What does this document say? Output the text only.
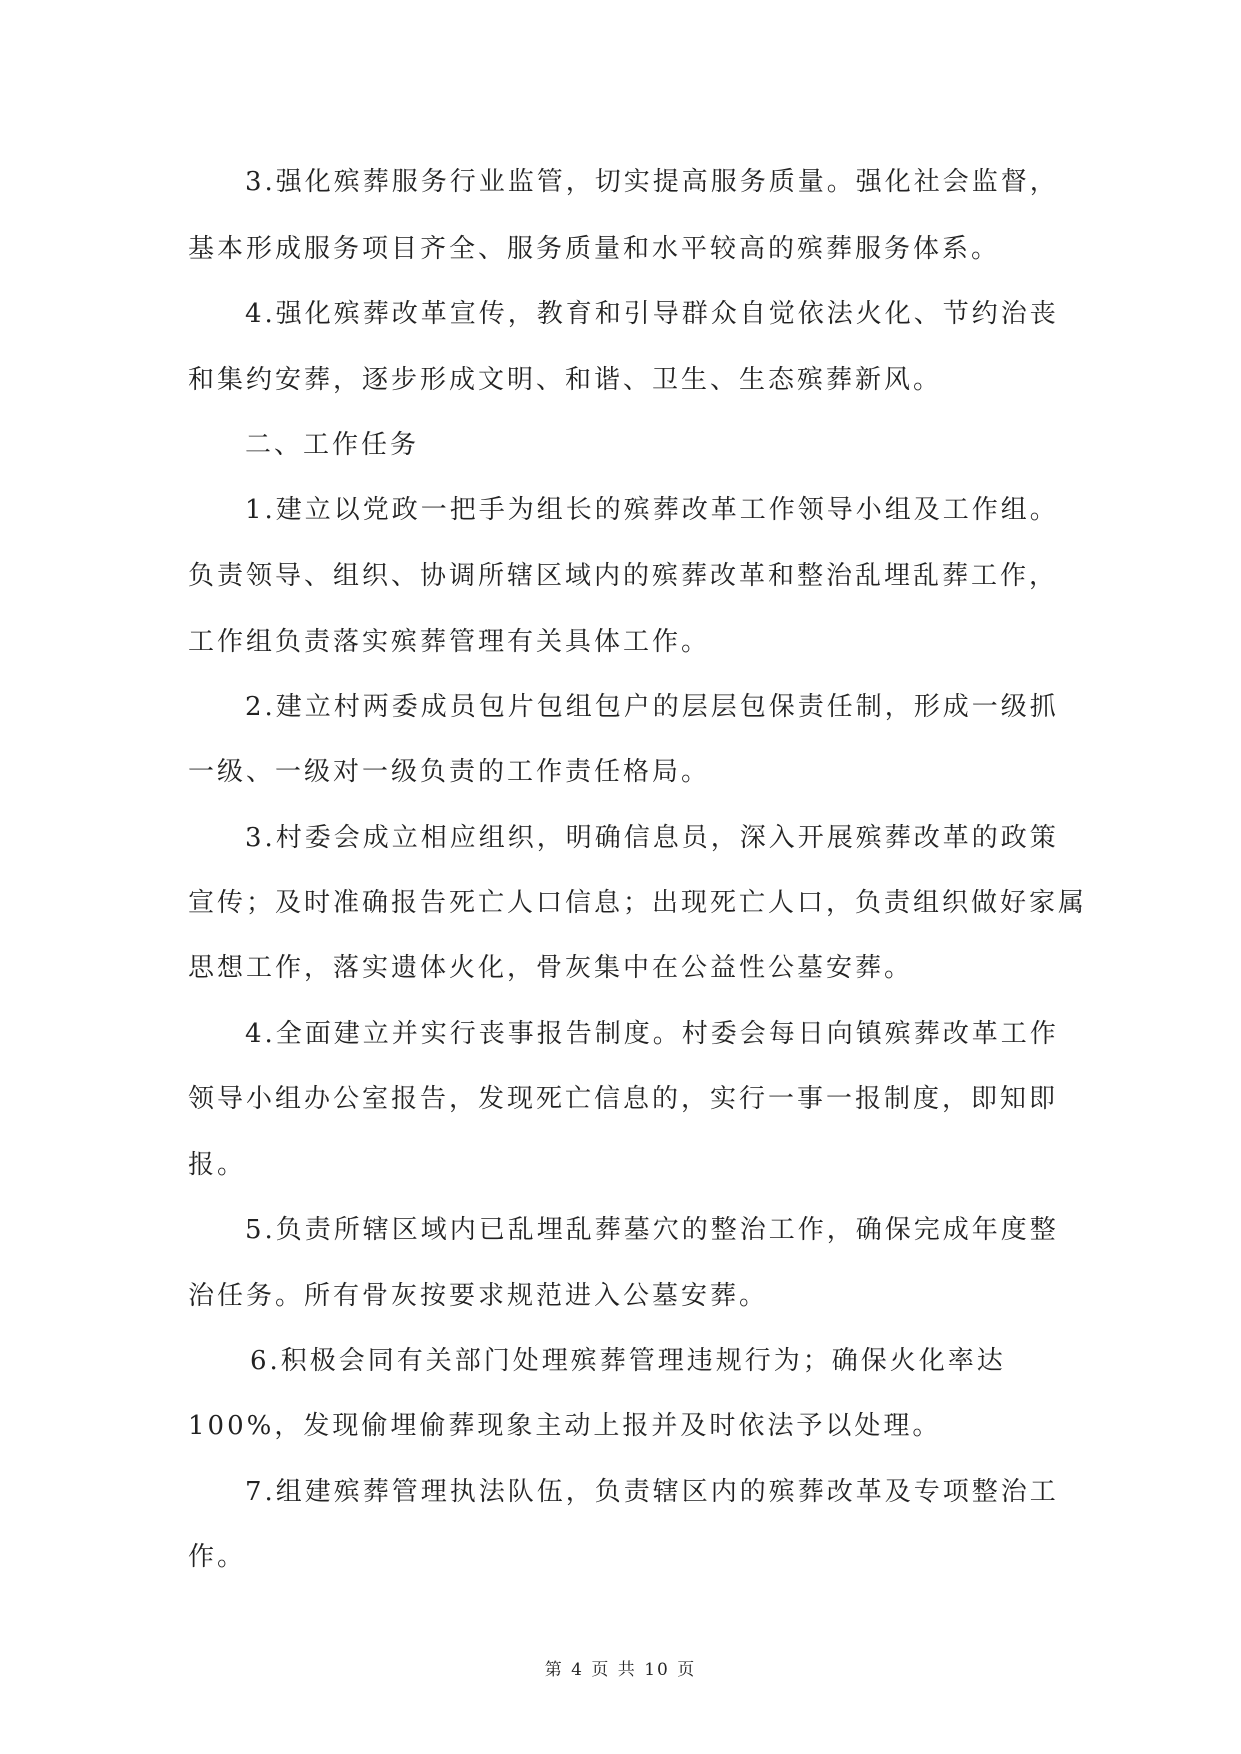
3.强化殡葬服务行业监管，切实提高服务质量。强化社会监督，

基本形成服务项目齐全、服务质量和水平较高的殡葬服务体系。

4.强化殡葬改革宣传，教育和引导群众自觉依法火化、节约治丧

和集约安葬，逐步形成文明、和谐、卫生、生态殡葬新风。

二、工作任务

1.建立以党政一把手为组长的殡葬改革工作领导小组及工作组。

负责领导、组织、协调所辖区域内的殡葬改革和整治乱埋乱葬工作，

工作组负责落实殡葬管理有关具体工作。

2.建立村两委成员包片包组包户的层层包保责任制，形成一级抓

一级、一级对一级负责的工作责任格局。

3.村委会成立相应组织，明确信息员，深入开展殡葬改革的政策

宣传；及时准确报告死亡人口信息；出现死亡人口，负责组织做好家属

思想工作，落实遗体火化，骨灰集中在公益性公墓安葬。

4.全面建立并实行丧事报告制度。村委会每日向镇殡葬改革工作

领导小组办公室报告，发现死亡信息的，实行一事一报制度，即知即

报。

5.负责所辖区域内已乱埋乱葬墓穴的整治工作，确保完成年度整

治任务。所有骨灰按要求规范进入公墓安葬。

6.积极会同有关部门处理殡葬管理违规行为；确保火化率达

100%，发现偷埋偷葬现象主动上报并及时依法予以处理。

7.组建殡葬管理执法队伍，负责辖区内的殡葬改革及专项整治工

作。

第 4 页 共 10 页
